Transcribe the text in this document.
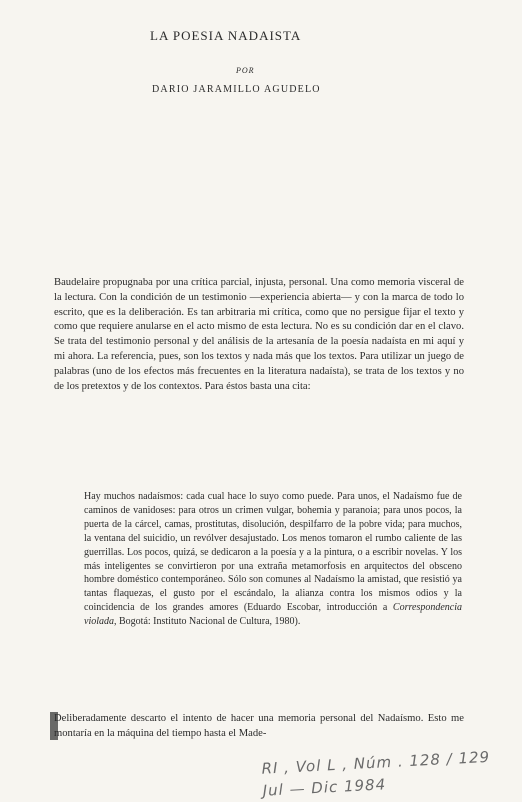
LA POESIA NADAISTA
POR
DARIO JARAMILLO AGUDELO

Baudelaire propugnaba por una crítica parcial, injusta, personal. Una como memoria visceral de la lectura. Con la condición de un testimonio —experiencia abierta— y con la marca de todo lo escrito, que es la deliberación. Es tan arbitraria mi crítica, como que no persigue fijar el texto y como que requiere anularse en el acto mismo de esta lectura. No es su condición dar en el clavo. Se trata del testimonio personal y del análisis de la artesanía de la poesía nadaísta en mi aquí y mi ahora. La referencia, pues, son los textos y nada más que los textos. Para utilizar un juego de palabras (uno de los efectos más frecuentes en la literatura nadaísta), se trata de los textos y no de los pretextos y de los contextos. Para éstos basta una cita:

Hay muchos nadaísmos: cada cual hace lo suyo como puede. Para unos, el Nadaísmo fue de caminos de vanidoses: para otros un crimen vulgar, bohemia y paranoia; para unos pocos, la puerta de la cárcel, camas, prostitutas, disolución, despilfarro de la pobre vida; para muchos, la ventana del suicidio, un revólver desajustado. Los menos tomaron el rumbo caliente de las guerrillas. Los pocos, quizá, se dedicaron a la poesía y a la pintura, o a escribir novelas. Y los más inteligentes se convirtieron por una extraña metamorfosis en arquitectos del obsceno hombre doméstico contemporáneo. Sólo son comunes al Nadaísmo la amistad, que resistió ya tantas flaquezas, el gusto por el escándalo, la alianza contra los mismos odios y la coincidencia de los grandes amores (Eduardo Escobar, introducción a Correspondencia violada, Bogotá: Instituto Nacional de Cultura, 1980).

Deliberadamente descarto el intento de hacer una memoria personal del Nadaísmo. Esto me montaría en la máquina del tiempo hasta el Made-

RI , Vol L , Núm . 128 / 129
Jul — Dic 1984
